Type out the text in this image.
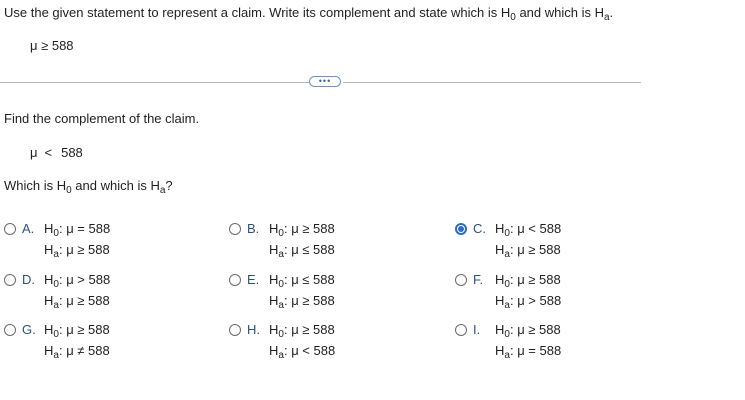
Use the given statement to represent a claim. Write its complement and state which is $H_0$ and which is $H_a$.
μ ≥ 588
•••
Find the complement of the claim.
μ < 588
Which is $H_0$ and which is $H_a$?
A. $H_0$: μ = 588
$H_a$: μ ≥ 588
B. $H_0$: μ ≥ 588
$H_a$: μ ≤ 588
C. $H_0$: μ < 588
$H_a$: μ ≥ 588
D. $H_0$: μ > 588
$H_a$: μ ≥ 588
E. $H_0$: μ ≤ 588
$H_a$: μ ≥ 588
F. $H_0$: μ ≥ 588
$H_a$: μ > 588
G. $H_0$: μ ≥ 588
$H_a$: μ ≠ 588
H. $H_0$: μ ≥ 588
$H_a$: μ < 588
I.	$H_0$: μ ≥ 588
$H_a$: μ = 588
